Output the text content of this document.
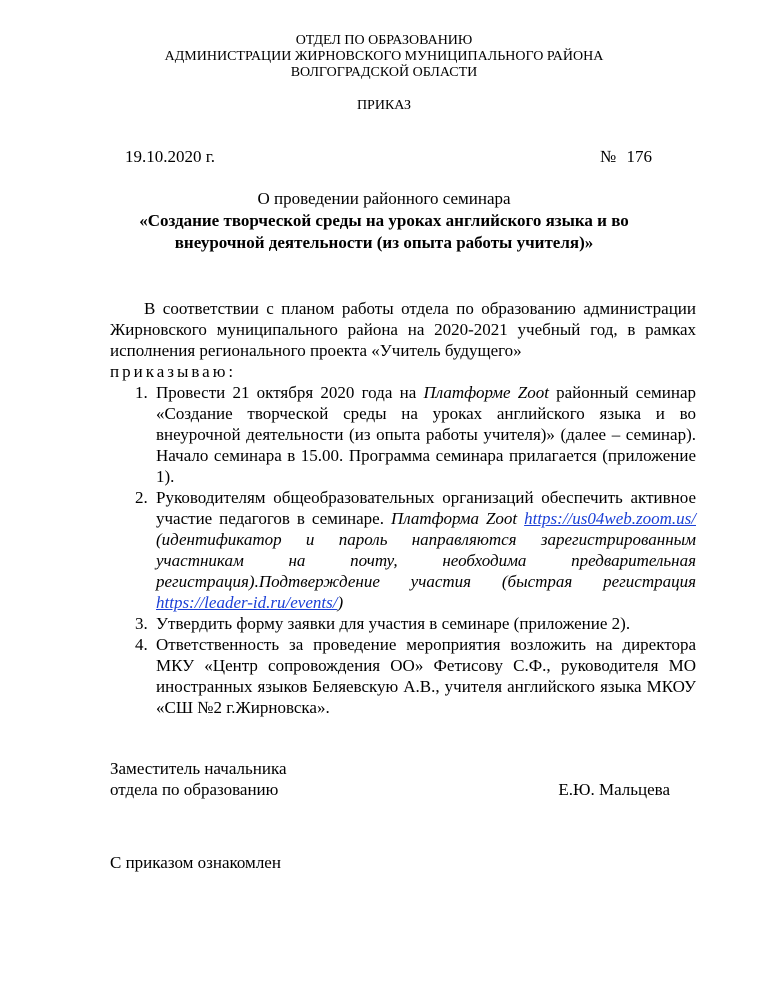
ОТДЕЛ ПО ОБРАЗОВАНИЮ
АДМИНИСТРАЦИИ ЖИРНОВСКОГО МУНИЦИПАЛЬНОГО РАЙОНА
ВОЛГОГРАДСКОЙ ОБЛАСТИ
ПРИКАЗ
19.10.2020 г.	№ 176
О проведении районного семинара
«Создание творческой среды на уроках английского языка и во
внеурочной деятельности (из опыта работы учителя)»

В соответствии с планом работы отдела по образованию администрации Жирновского муниципального района на 2020-2021 учебный год, в рамках исполнения регионального проекта «Учитель будущего»

приказываю:

1. Провести 21 октября 2020 года на Платформе Zoot районный семинар «Создание творческой среды на уроках английского языка и во внеурочной деятельности (из опыта работы учителя)» (далее – семинар). Начало семинара в 15.00. Программа семинара прилагается (приложение 1).
2. Руководителям общеобразовательных организаций обеспечить активное участие педагогов в семинаре. Платформа Zoot https://us04web.zoom.us/ (идентификатор и пароль направляются зарегистрированным участникам на почту, необходима предварительная регистрация).Подтверждение участия (быстрая регистрация https://leader-id.ru/events/)
3. Утвердить форму заявки для участия в семинаре (приложение 2).
4. Ответственность за проведение мероприятия возложить на директора МКУ «Центр сопровождения ОО» Фетисову С.Ф., руководителя МО иностранных языков Беляевскую А.В., учителя английского языка МКОУ «СШ №2 г.Жирновска».
Заместитель начальника
отдела по образованию	Е.Ю. Мальцева
С приказом ознакомлен
